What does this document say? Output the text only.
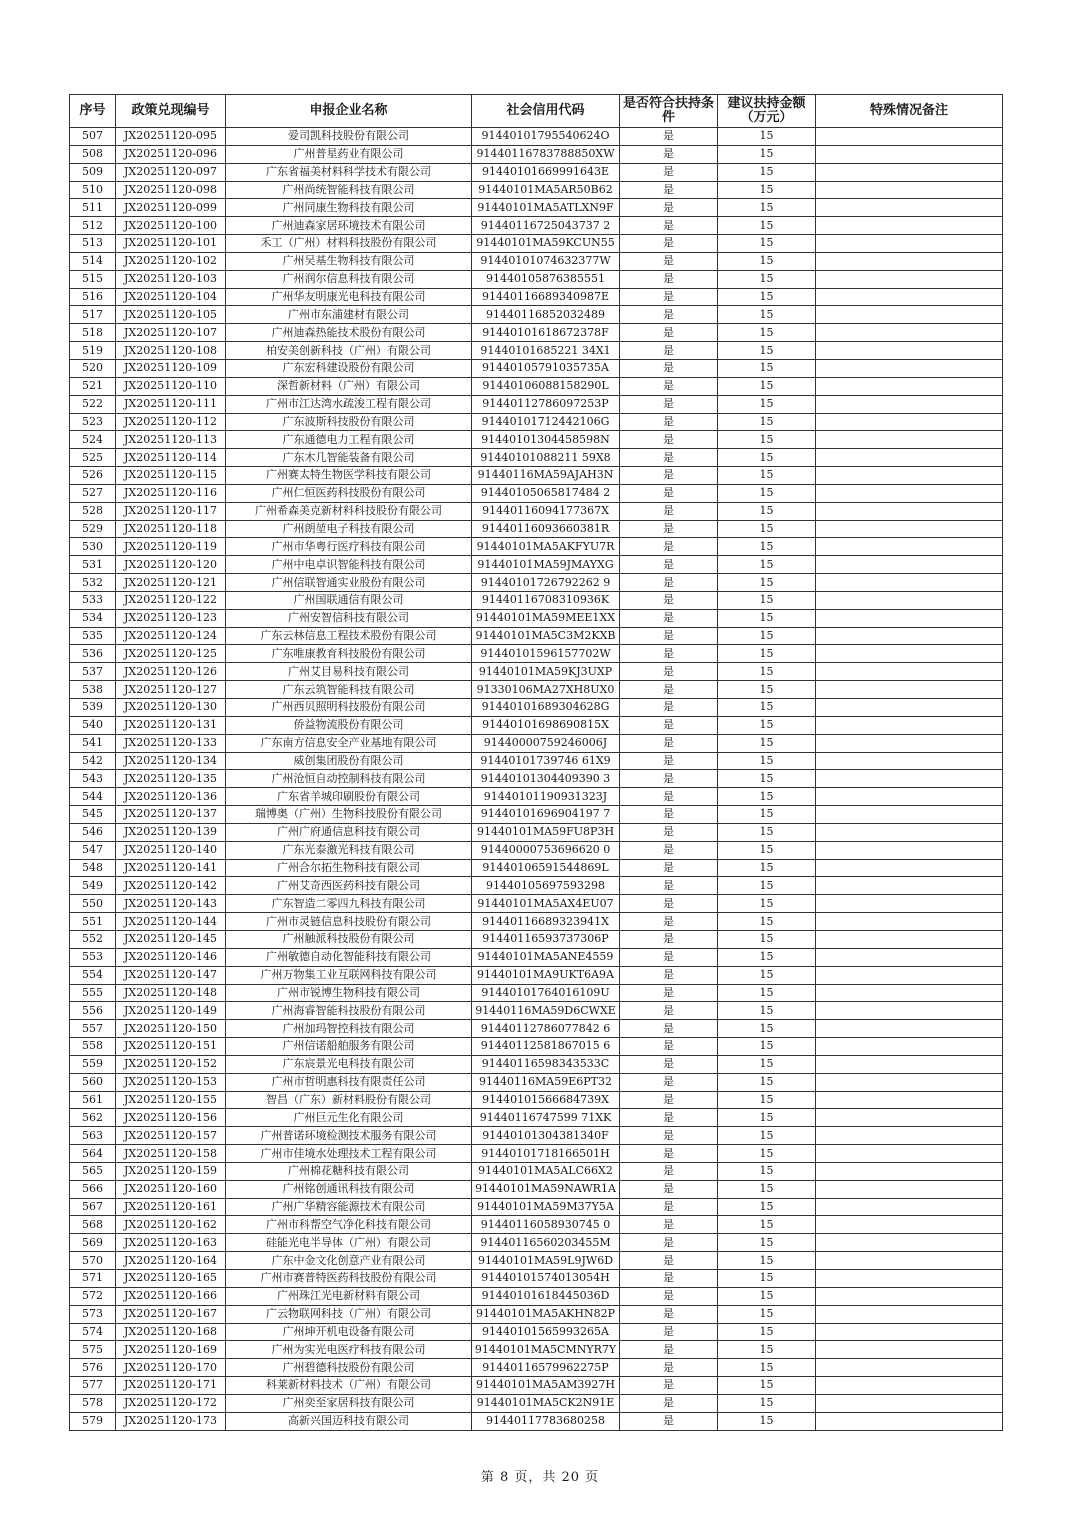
序号	政策兑现编号	申报企业名称	社会信用代码	是否符合扶持条件	建议扶持金额（万元）	特殊情况备注
507	JX20251120-095	爱司凯科技股份有限公司	91440101795540624O	是	15	
508	JX20251120-096	广州普星药业有限公司	91440116783788850XW	是	15	
509	JX20251120-097	广东省福美材料科学技术有限公司	91440101669991643E	是	15	
510	JX20251120-098	广州尚统智能科技有限公司	91440101MA5AR50B62	是	15	
511	JX20251120-099	广州同康生物科技有限公司	91440101MA5ATLXN9F	是	15	
512	JX20251120-100	广州迪森家居环境技术有限公司	91440116725043737 2	是	15	
513	JX20251120-101	禾工（广州）材料科技股份有限公司	91440101MA59KCUN55	是	15	
514	JX20251120-102	广州吴基生物科技有限公司	91440101074632377W	是	15	
515	JX20251120-103	广州润尔信息科技有限公司	91440105876385551	是	15	
516	JX20251120-104	广州华友明康光电科技有限公司	91440116689340987E	是	15	
517	JX20251120-105	广州市东浦建材有限公司	91440116852032489	是	15	
518	JX20251120-107	广州迪森热能技术股份有限公司	91440101618672378F	是	15	
519	JX20251120-108	柏安美创新科技（广州）有限公司	91440101685221 34X1	是	15	
520	JX20251120-109	广东宏科建设股份有限公司	91440105791035735A	是	15	
521	JX20251120-110	深哲新材料（广州）有限公司	91440106088158290L	是	15	
522	JX20251120-111	广州市江达湾水疏浚工程有限公司	91440112786097253P	是	15	
523	JX20251120-112	广东波斯科技股份有限公司	91440101712442106G	是	15	
524	JX20251120-113	广东通德电力工程有限公司	91440101304458598N	是	15	
525	JX20251120-114	广东木几智能装备有限公司	91440101088211 59X8	是	15	
526	JX20251120-115	广州赛太特生物医学科技有限公司	91440116MA59AJAH3N	是	15	
527	JX20251120-116	广州仁恒医药科技股份有限公司	91440105065817484 2	是	15	
528	JX20251120-117	广州希森美克新材料科技股份有限公司	91440116094177367X	是	15	
529	JX20251120-118	广州朗堃电子科技有限公司	91440116093660381R	是	15	
530	JX20251120-119	广州市华粤行医疗科技有限公司	91440101MA5AKFYU7R	是	15	
531	JX20251120-120	广州中电卓识智能科技有限公司	91440101MA59JMAYXG	是	15	
532	JX20251120-121	广州信联智通实业股份有限公司	91440101726792262 9	是	15	
533	JX20251120-122	广州国联通信有限公司	91440116708310936K	是	15	
534	JX20251120-123	广州安智信科技有限公司	91440101MA59MEE1XX	是	15	
535	JX20251120-124	广东云林信息工程技术股份有限公司	91440101MA5C3M2KXB	是	15	
536	JX20251120-125	广东唯康教育科技股份有限公司	91440101596157702W	是	15	
537	JX20251120-126	广州艾目易科技有限公司	91440101MA59KJ3UXP	是	15	
538	JX20251120-127	广东云筑智能科技有限公司	91330106MA27XH8UX0	是	15	
539	JX20251120-130	广州西贝照明科技股份有限公司	91440101689304628G	是	15	
540	JX20251120-131	侨益物流股份有限公司	91440101698690815X	是	15	
541	JX20251120-133	广东南方信息安全产业基地有限公司	91440000759246006J	是	15	
542	JX20251120-134	威创集团股份有限公司	91440101739746 61X9	是	15	
543	JX20251120-135	广州沧恒自动控制科技有限公司	91440101304409390 3	是	15	
544	JX20251120-136	广东省羊城印刷股份有限公司	91440101190931323J	是	15	
545	JX20251120-137	瑞博奥（广州）生物科技股份有限公司	91440101696904197 7	是	15	
546	JX20251120-139	广州广府通信息科技有限公司	91440101MA59FU8P3H	是	15	
547	JX20251120-140	广东光泰激光科技有限公司	91440000753696620 0	是	15	
548	JX20251120-141	广州合尔拓生物科技有限公司	91440106591544869L	是	15	
549	JX20251120-142	广州艾奇西医药科技有限公司	91440105697593298	是	15	
550	JX20251120-143	广东智造二零四九科技有限公司	91440101MA5AX4EU07	是	15	
551	JX20251120-144	广州市灵链信息科技股份有限公司	91440116689323941X	是	15	
552	JX20251120-145	广州触派科技股份有限公司	91440116593737306P	是	15	
553	JX20251120-146	广州敏德自动化智能科技有限公司	91440101MA5ANE4559	是	15	
554	JX20251120-147	广州万物集工业互联网科技有限公司	91440101MA9UKT6A9A	是	15	
555	JX20251120-148	广州市锐博生物科技有限公司	91440101764016109U	是	15	
556	JX20251120-149	广州海睿智能科技股份有限公司	91440116MA59D6CWXE	是	15	
557	JX20251120-150	广州加玛智控科技有限公司	91440112786077842 6	是	15	
558	JX20251120-151	广州信诺船舶服务有限公司	91440112581867015 6	是	15	
559	JX20251120-152	广东宸景光电科技有限公司	91440116598343533C	是	15	
560	JX20251120-153	广州市哲明惠科技有限责任公司	91440116MA59E6PT32	是	15	
561	JX20251120-155	智昌（广东）新材料股份有限公司	91440101566684739X	是	15	
562	JX20251120-156	广州巨元生化有限公司	91440116747599 71XK	是	15	
563	JX20251120-157	广州普诺环境检测技术服务有限公司	91440101304381340F	是	15	
564	JX20251120-158	广州市佳境水处理技术工程有限公司	91440101718166501H	是	15	
565	JX20251120-159	广州棉花糖科技有限公司	91440101MA5ALC66X2	是	15	
566	JX20251120-160	广州铭创通讯科技有限公司	91440101MA59NAWR1A	是	15	
567	JX20251120-161	广州广华精容能源技术有限公司	91440101MA59M37Y5A	是	15	
568	JX20251120-162	广州市科帮空气净化科技有限公司	91440116058930745 0	是	15	
569	JX20251120-163	硅能光电半导体（广州）有限公司	91440116560203455M	是	15	
570	JX20251120-164	广东中金文化创意产业有限公司	91440101MA59L9JW6D	是	15	
571	JX20251120-165	广州市赛普特医药科技股份有限公司	91440101574013054H	是	15	
572	JX20251120-166	广州珠江光电新材料有限公司	91440101618445036D	是	15	
573	JX20251120-167	广云物联网科技（广州）有限公司	91440101MA5AKHN82P	是	15	
574	JX20251120-168	广州坤开机电设备有限公司	91440101565993265A	是	15	
575	JX20251120-169	广州为实光电医疗科技有限公司	91440101MA5CMNYR7Y	是	15	
576	JX20251120-170	广州碧德科技股份有限公司	91440116579962275P	是	15	
577	JX20251120-171	科莱新材料技术（广州）有限公司	91440101MA5AM3927H	是	15	
578	JX20251120-172	广州奕至家居科技有限公司	91440101MA5CK2N91E	是	15	
579	JX20251120-173	高新兴国迈科技有限公司	91440117783680258	是	15	
第 8 页，共 20 页
